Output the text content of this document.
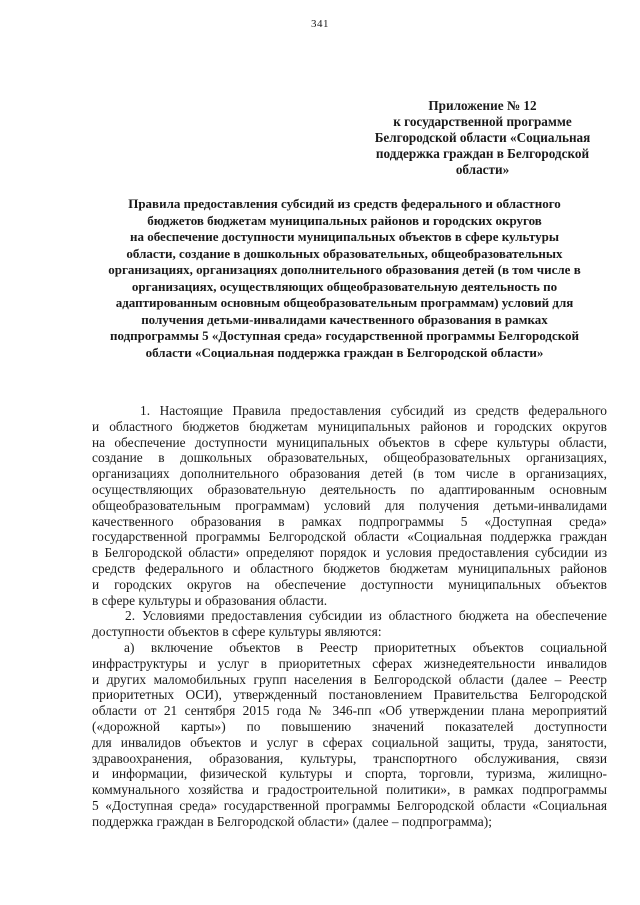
341
Приложение № 12
к государственной программе
Белгородской области «Социальная
поддержка граждан в Белгородской
области»
Правила предоставления субсидий из средств федерального и областного
бюджетов бюджетам муниципальных районов и городских округов
на обеспечение доступности муниципальных объектов в сфере культуры
области, создание в дошкольных образовательных, общеобразовательных
организациях, организациях дополнительного образования детей (в том числе в
организациях, осуществляющих общеобразовательную деятельность по
адаптированным основным общеобразовательным программам) условий для
получения детьми-инвалидами качественного образования в рамках
подпрограммы 5 «Доступная среда» государственной программы Белгородской
области «Социальная поддержка граждан в Белгородской области»
1. Настоящие Правила предоставления субсидий из средств федерального
и областного бюджетов бюджетам муниципальных районов и городских округов
на обеспечение доступности муниципальных объектов в сфере культуры области,
создание в дошкольных образовательных, общеобразовательных организациях,
организациях дополнительного образования детей (в том числе в организациях,
осуществляющих образовательную деятельность по адаптированным основным
общеобразовательным программам) условий для получения детьми-инвалидами
качественного образования в рамках подпрограммы 5 «Доступная среда»
государственной программы Белгородской области «Социальная поддержка граждан
в Белгородской области» определяют порядок и условия предоставления субсидии из
средств федерального и областного бюджетов бюджетам муниципальных районов
и городских округов на обеспечение доступности муниципальных объектов
в сфере культуры и образования области.
2. Условиями предоставления субсидии из областного бюджета на обеспечение
доступности объектов в сфере культуры являются:
а) включение объектов в Реестр приоритетных объектов социальной
инфраструктуры и услуг в приоритетных сферах жизнедеятельности инвалидов
и других маломобильных групп населения в Белгородской области (далее – Реестр
приоритетных ОСИ), утвержденный постановлением Правительства Белгородской
области от 21 сентября 2015 года № 346-пп «Об утверждении плана мероприятий
(«дорожной карты») по повышению значений показателей доступности
для инвалидов объектов и услуг в сферах социальной защиты, труда, занятости,
здравоохранения, образования, культуры, транспортного обслуживания, связи
и информации, физической культуры и спорта, торговли, туризма, жилищно-
коммунального хозяйства и градостроительной политики», в рамках подпрограммы
5 «Доступная среда» государственной программы Белгородской области «Социальная
поддержка граждан в Белгородской области» (далее – подпрограмма);
